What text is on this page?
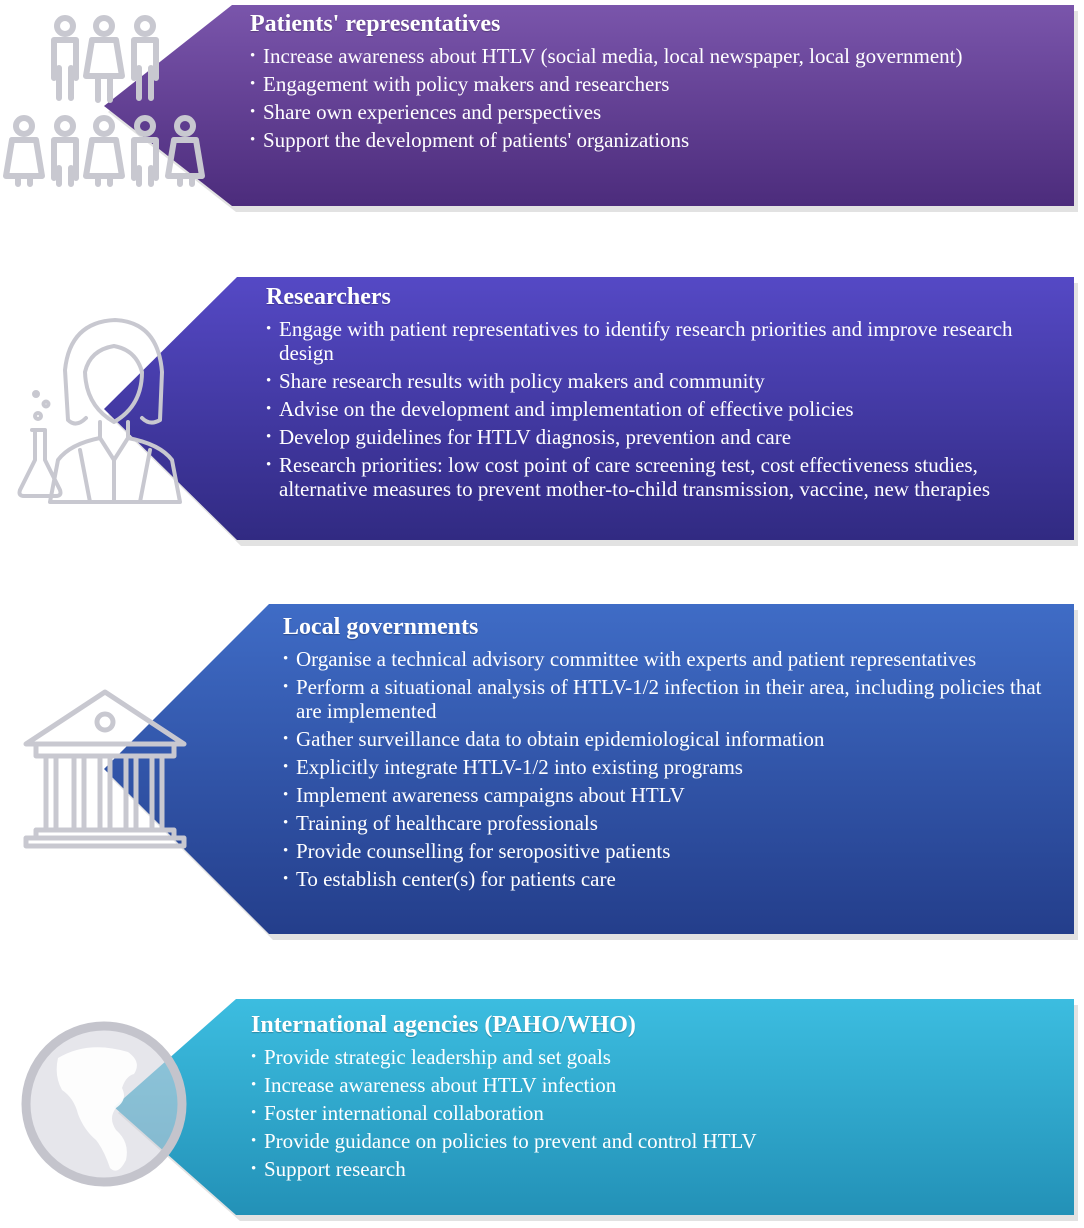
Patients' representatives
• Increase awareness about HTLV (social media, local newspaper, local government)
• Engagement with policy makers and researchers
• Share own experiences and perspectives
• Support the development of patients' organizations
Researchers
• Engage with patient representatives to identify research priorities and improve research design
• Share research results with policy makers and community
• Advise on the development and implementation of effective policies
• Develop guidelines for HTLV diagnosis, prevention and care
• Research priorities: low cost point of care screening test, cost effectiveness studies, alternative measures to prevent mother-to-child transmission, vaccine, new therapies
Local governments
• Organise a technical advisory committee with experts and patient representatives
• Perform a situational analysis of HTLV-1/2 infection in their area, including policies that are implemented
• Gather surveillance data to obtain epidemiological information
• Explicitly integrate HTLV-1/2 into existing programs
• Implement awareness campaigns about HTLV
• Training of healthcare professionals
• Provide counselling for seropositive patients
• To establish center(s) for patients care
International agencies (PAHO/WHO)
• Provide strategic leadership and set goals
• Increase awareness about HTLV infection
• Foster international collaboration
• Provide guidance on policies to prevent and control HTLV
• Support research
